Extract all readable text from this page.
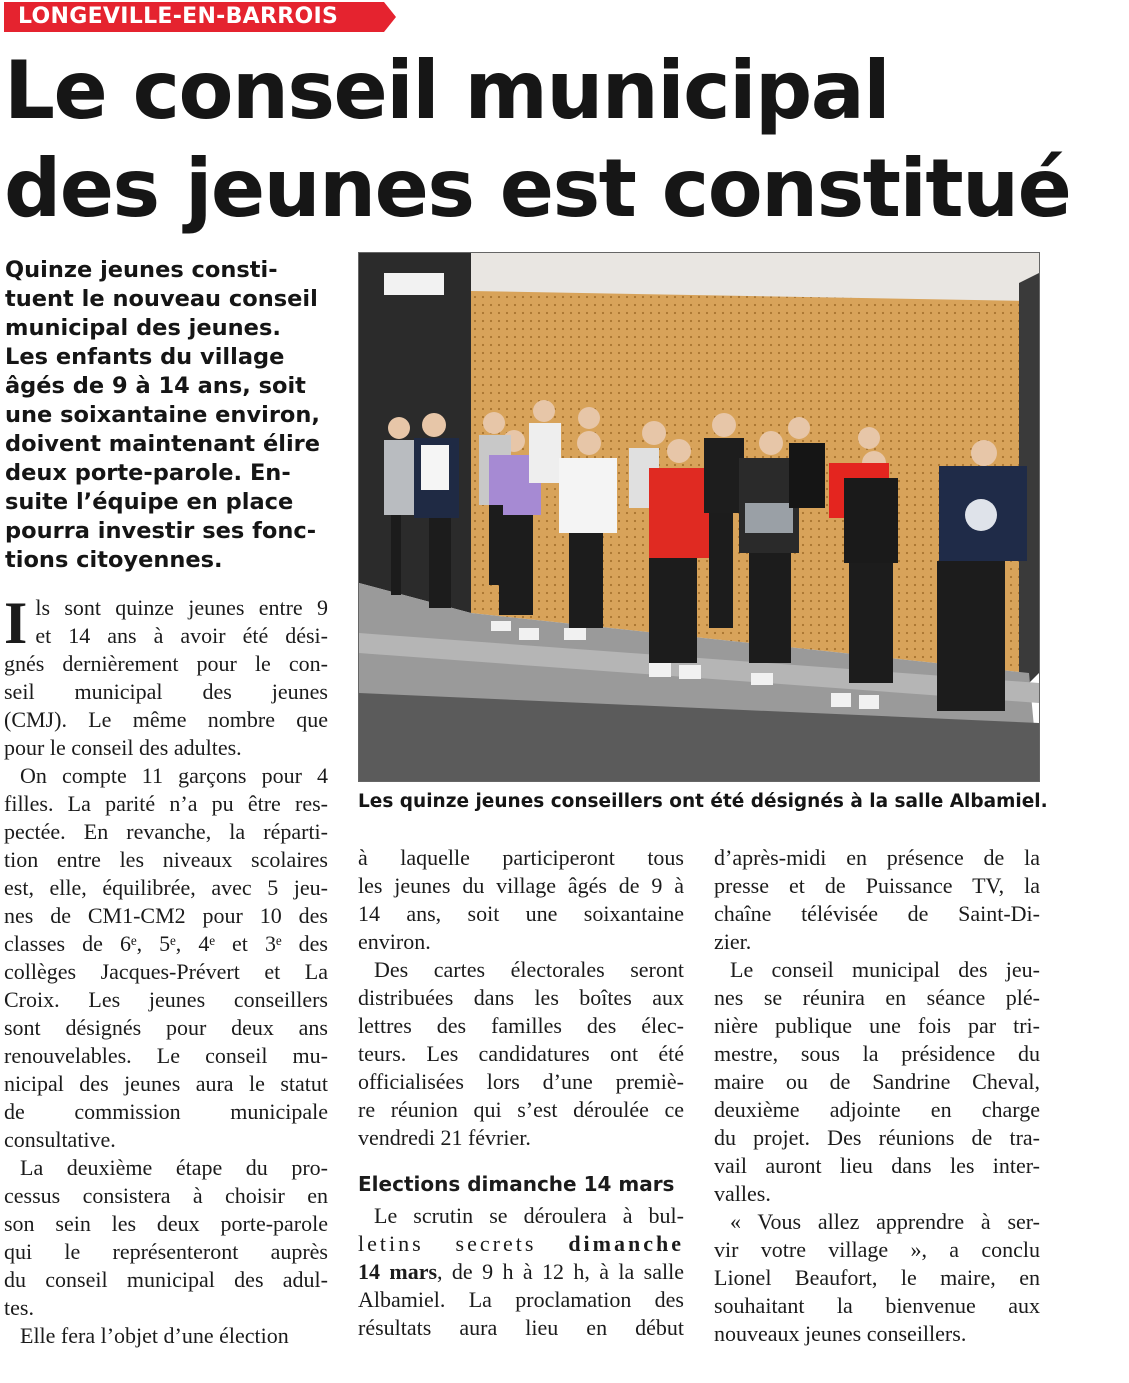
LONGEVILLE-EN-BARROIS
Le conseil municipal
des jeunes est constitué

Quinze jeunes consti-
tuent le nouveau conseil
municipal des jeunes.
Les enfants du village
âgés de 9 à 14 ans, soit
une soixantaine environ,
doivent maintenant élire
deux porte-parole. En-
suite l’équipe en place
pourra investir ses fonc-
tions citoyennes.

Les quinze jeunes conseillers ont été désignés à la salle Albamiel.
I ls sont quinze jeunes entre 9
et 14 ans à avoir été dési-
gnés dernièrement pour le con-
seil municipal des jeunes
(CMJ). Le même nombre que
pour le conseil des adultes.
On compte 11 garçons pour 4
filles. La parité n’a pu être res-
pectée. En revanche, la réparti-
tion entre les niveaux scolaires
est, elle, équilibrée, avec 5 jeu-
nes de CM1-CM2 pour 10 des
classes de 6ᵉ, 5ᵉ, 4ᵉ et 3ᵉ des
collèges Jacques-Prévert et La
Croix. Les jeunes conseillers
sont désignés pour deux ans
renouvelables. Le conseil mu-
nicipal des jeunes aura le statut
de commission municipale
consultative.
La deuxième étape du pro-
cessus consistera à choisir en
son sein les deux porte-parole
qui le représenteront auprès
du conseil municipal des adul-
tes.
Elle fera l’objet d’une élection
à laquelle participeront tous
les jeunes du village âgés de 9 à
14 ans, soit une soixantaine
environ.
Des cartes électorales seront
distribuées dans les boîtes aux
lettres des familles des élec-
teurs. Les candidatures ont été
officialisées lors d’une premiè-
re réunion qui s’est déroulée ce
vendredi 21 février.
Elections dimanche 14 mars
Le scrutin se déroulera à bul-
letins secrets dimanche
14 mars, de 9 h à 12 h, à la salle
Albamiel. La proclamation des
résultats aura lieu en début
d’après-midi en présence de la
presse et de Puissance TV, la
chaîne télévisée de Saint-Di-
zier.
Le conseil municipal des jeu-
nes se réunira en séance plé-
nière publique une fois par tri-
mestre, sous la présidence du
maire ou de Sandrine Cheval,
deuxième adjointe en charge
du projet. Des réunions de tra-
vail auront lieu dans les inter-
valles.
« Vous allez apprendre à ser-
vir votre village », a conclu
Lionel Beaufort, le maire, en
souhaitant la bienvenue aux
nouveaux jeunes conseillers.
